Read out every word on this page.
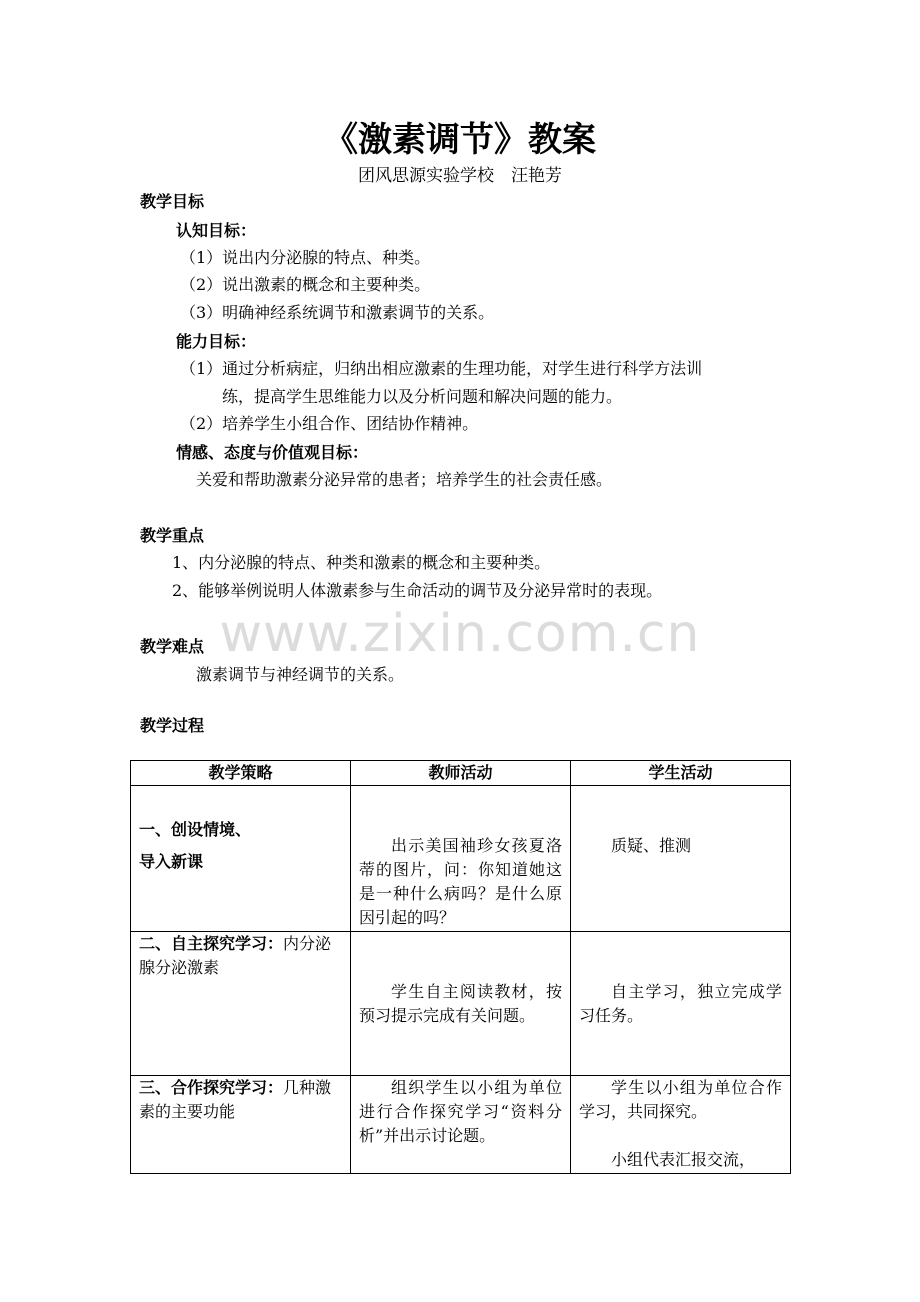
《激素调节》教案
团风思源实验学校　汪艳芳
教学目标
认知目标：
（1）说出内分泌腺的特点、种类。
（2）说出激素的概念和主要种类。
（3）明确神经系统调节和激素调节的关系。
能力目标：
（1）通过分析病症，归纳出相应激素的生理功能，对学生进行科学方法训
练，提高学生思维能力以及分析问题和解决问题的能力。
（2）培养学生小组合作、团结协作精神。
情感、态度与价值观目标：
关爱和帮助激素分泌异常的患者；培养学生的社会责任感。
教学重点
1、内分泌腺的特点、种类和激素的概念和主要种类。
2、能够举例说明人体激素参与生命活动的调节及分泌异常时的表现。
www.zixin.com.cn
教学难点
激素调节与神经调节的关系。
教学过程
教学策略	教师活动	学生活动

一、创设情境、
导入新课	出示美国袖珍女孩夏洛蒂的图片，问：你知道她这是一种什么病吗？是什么原因引起的吗？	质疑、推测

二、自主探究学习：内分泌腺分泌激素	学生自主阅读教材，按预习提示完成有关问题。	自主学习，独立完成学习任务。

三、合作探究学习：几种激素的主要功能	组织学生以小组为单位进行合作探究学习“资料分析”并出示讨论题。	学生以小组为单位合作学习，共同探究。
小组代表汇报交流，
